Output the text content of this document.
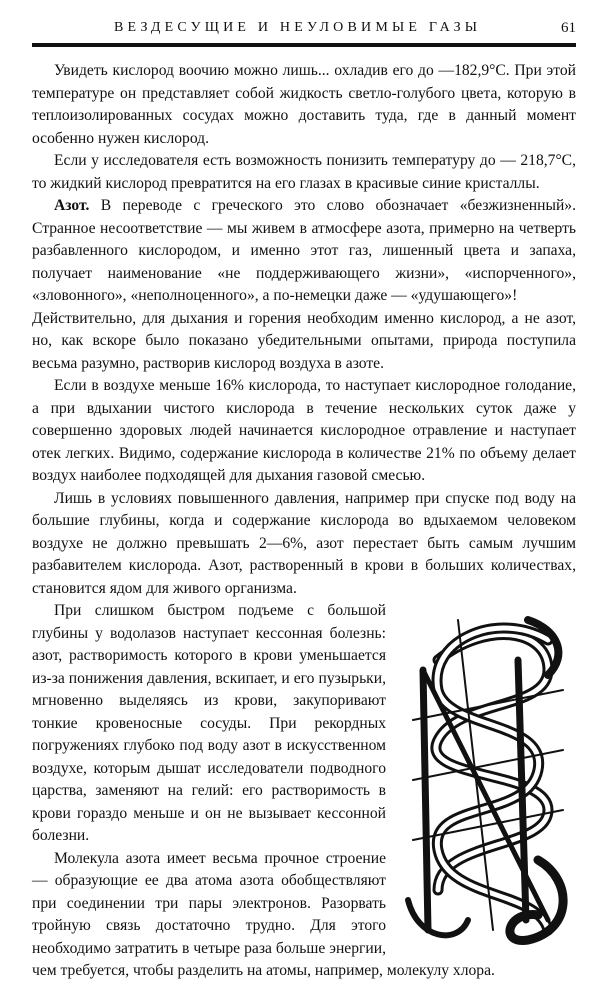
ВЕЗДЕСУЩИЕ И НЕУЛОВИМЫЕ ГАЗЫ	61

Увидеть кислород воочию можно лишь... охладив его до —182,9°С. При этой температуре он представляет собой жидкость светло-голубого цвета, которую в теплоизолированных сосудах можно доставить туда, где в данный момент особенно нужен кислород.

Если у исследователя есть возможность понизить температуру до — 218,7°С, то жидкий кислород превратится на его глазах в красивые синие кристаллы.

Азот. В переводе с греческого это слово обозначает «безжизненный». Странное несоответствие — мы живем в атмосфере азота, примерно на четверть разбавленного кислородом, и именно этот газ, лишенный цвета и запаха, получает наименование «не поддерживающего жизни», «испорченного», «зловонного», «неполноценного», а по-немецки даже — «удушающего»!

Действительно, для дыхания и горения необходим именно кислород, а не азот, но, как вскоре было показано убедительными опытами, природа поступила весьма разумно, растворив кислород воздуха в азоте.

Если в воздухе меньше 16% кислорода, то наступает кислородное голодание, а при вдыхании чистого кислорода в течение нескольких суток даже у совершенно здоровых людей начинается кислородное отравление и наступает отек легких. Видимо, содержание кислорода в количестве 21% по объему делает воздух наиболее подходящей для дыхания газовой смесью.

Лишь в условиях повышенного давления, например при спуске под воду на большие глубины, когда и содержание кислорода во вдыхаемом человеком воздухе не должно превышать 2—6%, азот перестает быть самым лучшим разбавителем кислорода. Азот, растворенный в крови в больших количествах, становится ядом для живого организма.

При слишком быстром подъеме с большой глубины у водолазов наступает кессонная болезнь: азот, растворимость которого в крови уменьшается из-за понижения давления, вскипает, и его пузырьки, мгновенно выделяясь из крови, закупоривают тонкие кровеносные сосуды. При рекордных погружениях глубоко под воду азот в искусственном воздухе, которым дышат исследователи подводного царства, заменяют на гелий: его растворимость в крови гораздо меньше и он не вызывает кессонной болезни.

Молекула азота имеет весьма прочное строение — образующие ее два атома азота обобществляют при соединении три пары электронов. Разорвать тройную связь достаточно трудно. Для этого необходимо затратить в четыре раза больше энергии, чем требуется, чтобы разделить на атомы, например, молекулу хлора.
